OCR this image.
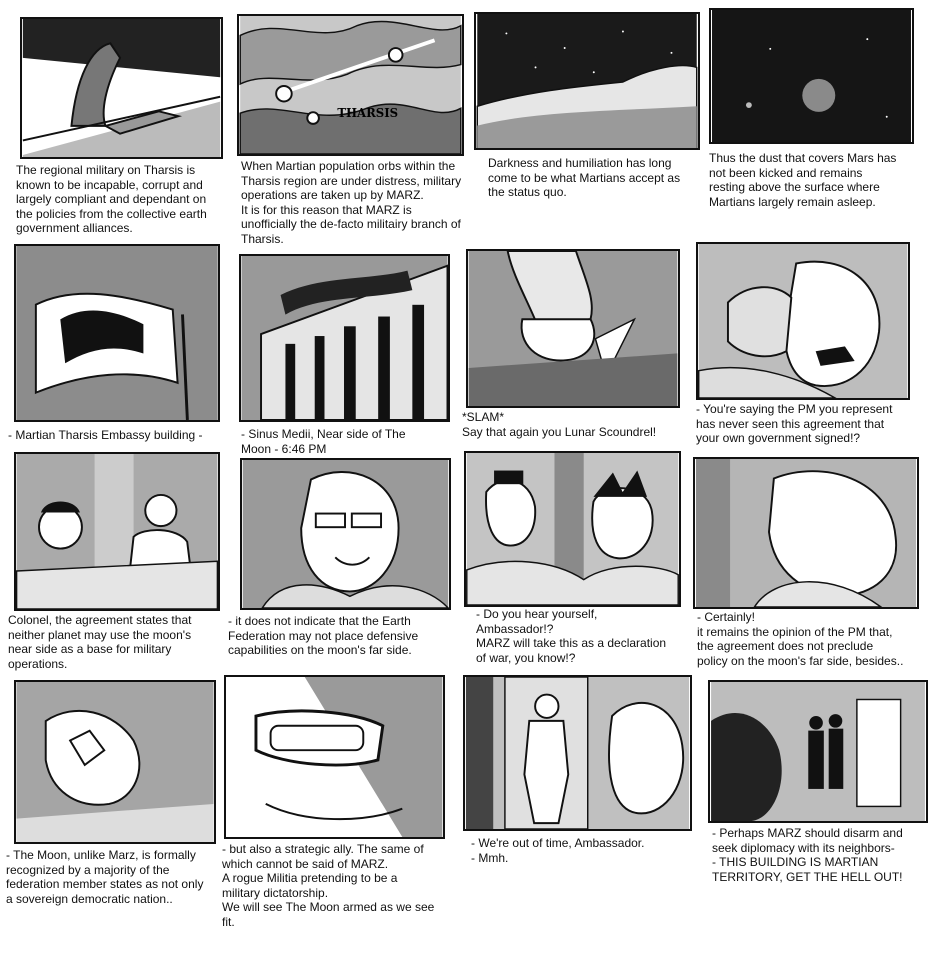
The regional military on Tharsis is
known to be incapable, corrupt and
largely compliant and dependant on
the policies from the collective earth
government alliances.
THARSIS
When Martian population orbs within the
Tharsis region are under distress, military
operations are taken up by MARZ.
It is for this reason that MARZ is
unofficially the de-facto militairy branch of
Tharsis.
Darkness and humiliation has long
come to be what Martians accept as
the status quo.
Thus the dust that covers Mars has
not been kicked and remains
resting above the surface where
Martians largely remain asleep.
- Martian Tharsis Embassy building -	- Sinus Medii, Near side of The
Moon - 6:46 PM
*SLAM*
Say that again you Lunar Scoundrel!
- You're saying the PM you represent
has never seen this agreement that
your own government signed!?
Colonel, the agreement states that
neither planet may use the moon's
near side as a base for military
operations.
- it does not indicate that the Earth
Federation may not place defensive
capabilities on the moon's far side.
- Do you hear yourself,
Ambassador!?
MARZ will take this as a declaration
of war, you know!?
- Certainly!
it remains the opinion of the PM that,
the agreement does not preclude
policy on the moon's far side, besides..
- The Moon, unlike Marz, is formally
recognized by a majority of the
federation member states as not only
a sovereign democratic nation..
- but also a strategic ally. The same of
which cannot be said of MARZ.
A rogue Militia pretending to be a
military dictatorship.
We will see The Moon armed as we see
fit.
- We're out of time, Ambassador.
- Mmh.
- Perhaps MARZ should disarm and
seek diplomacy with its neighbors-
- THIS BUILDING IS MARTIAN
TERRITORY, GET THE HELL OUT!
